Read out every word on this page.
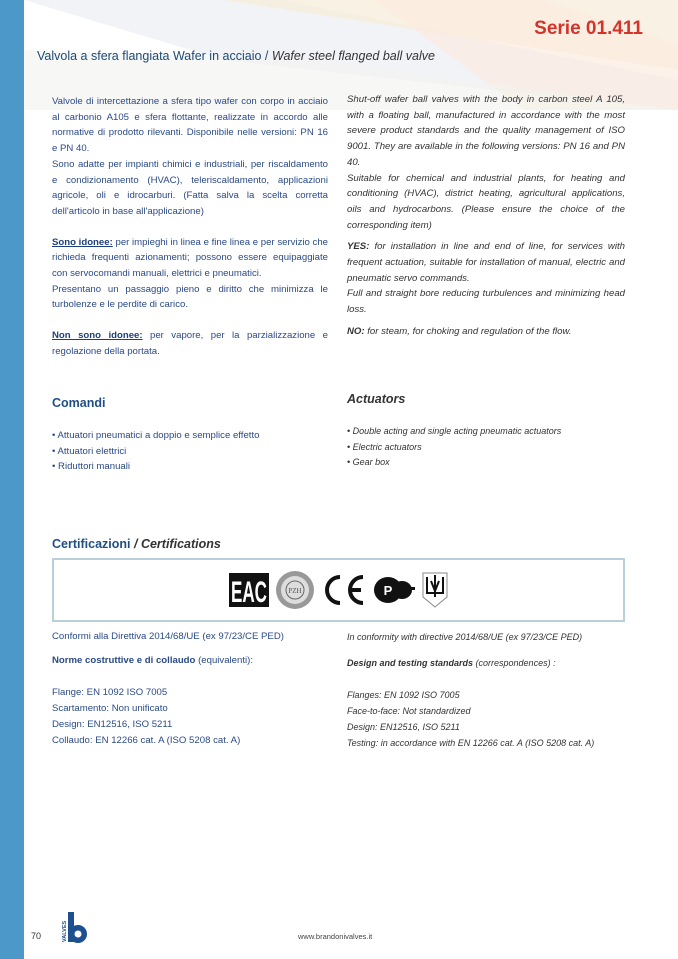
Serie 01.411
Valvola a sfera flangiata Wafer in acciaio / Wafer steel flanged ball valve

Valvole di intercettazione a sfera tipo wafer con corpo in acciaio al carbonio A105 e sfera flottante, realizzate in accordo alle normative di prodotto rilevanti. Disponibile nelle versioni: PN 16 e PN 40.

Sono adatte per impianti chimici e industriali, per riscaldamento e condizionamento (HVAC), teleriscaldamento, applicazioni agricole, oli e idrocarburi. (Fatta salva la scelta corretta dell'articolo in base all'applicazione)

Sono idonee: per impieghi in linea e fine linea e per servizio che richieda frequenti azionamenti; possono essere equipaggiate con servocomandi manuali, elettrici e pneumatici.

Presentano un passaggio pieno e diritto che minimizza le turbolenze e le perdite di carico.

Non sono idonee: per vapore, per la parzializzazione e regolazione della portata.

Shut-off wafer ball valves with the body in carbon steel A 105, with a floating ball, manufactured in accordance with the most severe product standards and the quality management of ISO 9001. They are available in the following versions: PN 16 and PN 40.

Suitable for chemical and industrial plants, for heating and conditioning (HVAC), district heating, agricultural applications, oils and hydrocarbons. (Please ensure the choice of the corresponding item)

YES: for installation in line and end of line, for services with frequent actuation, suitable for installation of manual, electric and pneumatic servo commands.

Full and straight bore reducing turbulences and minimizing head loss.

NO: for steam, for choking and regulation of the flow.

Comandi	Actuators
• Attuatori pneumatici a doppio e semplice effetto
• Attuatori elettrici
• Riduttori manuali
• Double acting and single acting pneumatic actuators
• Electric actuators
• Gear box
Certificazioni / Certifications
EAC	PZH	P

Conformi alla Direttiva 2014/68/UE (ex 97/23/CE PED)

Norme costruttive e di collaudo (equivalenti):

Flange: EN 1092 ISO 7005

Scartamento: Non unificato

Design: EN12516, ISO 5211

Collaudo: EN 12266 cat. A (ISO 5208 cat. A)

In conformity with directive 2014/68/UE (ex 97/23/CE PED)

Design and testing standards (correspondences) :

Flanges: EN 1092 ISO 7005

Face-to-face: Not standardized

Design: EN12516, ISO 5211

Testing: in accordance with EN 12266 cat. A (ISO 5208 cat. A)

70	VALVES	www.brandonivalves.it
